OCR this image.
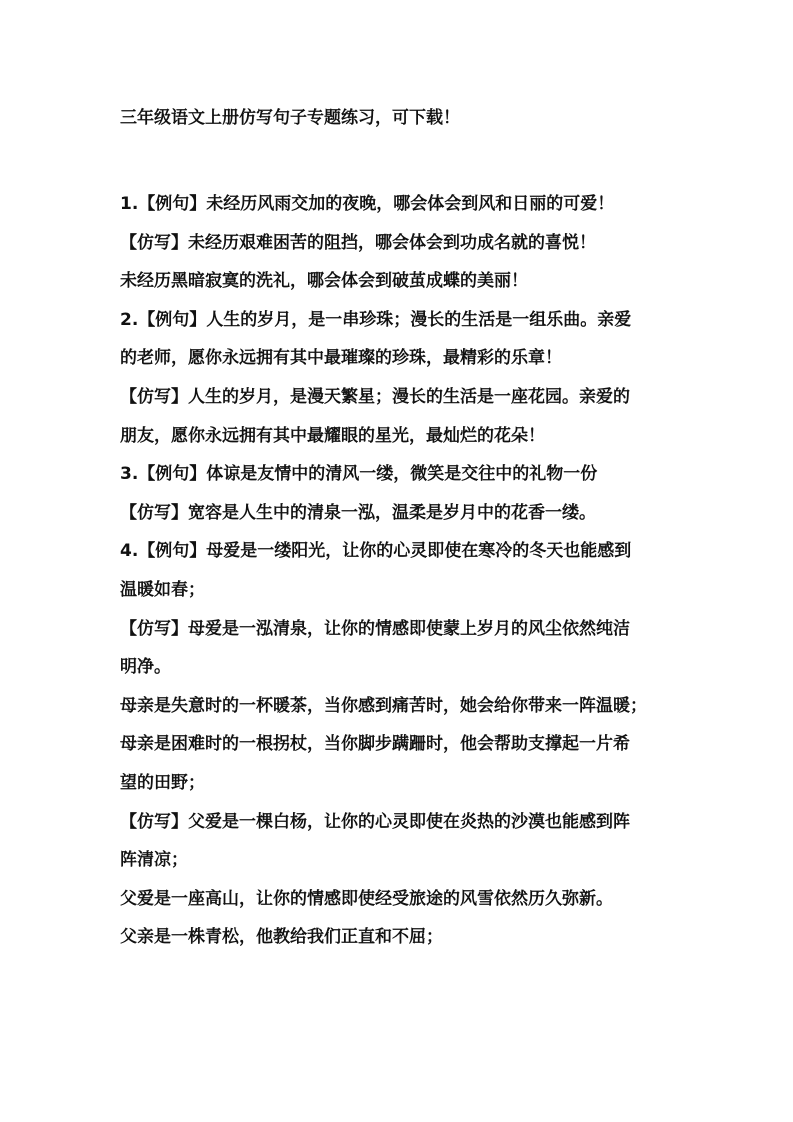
三年级语文上册仿写句子专题练习，可下载！

1.【例句】未经历风雨交加的夜晚，哪会体会到风和日丽的可爱！

【仿写】未经历艰难困苦的阻挡，哪会体会到功成名就的喜悦！

未经历黑暗寂寞的洗礼，哪会体会到破茧成蝶的美丽！

2.【例句】人生的岁月，是一串珍珠；漫长的生活是一组乐曲。亲爱

的老师，愿你永远拥有其中最璀璨的珍珠，最精彩的乐章！

【仿写】人生的岁月，是漫天繁星；漫长的生活是一座花园。亲爱的

朋友，愿你永远拥有其中最耀眼的星光，最灿烂的花朵！

3.【例句】体谅是友情中的清风一缕，微笑是交往中的礼物一份

【仿写】宽容是人生中的清泉一泓，温柔是岁月中的花香一缕。

4.【例句】母爱是一缕阳光，让你的心灵即使在寒冷的冬天也能感到

温暖如春；

【仿写】母爱是一泓清泉，让你的情感即使蒙上岁月的风尘依然纯洁

明净。

母亲是失意时的一杯暖茶，当你感到痛苦时，她会给你带来一阵温暖；

母亲是困难时的一根拐杖，当你脚步蹒跚时，他会帮助支撑起一片希

望的田野；

【仿写】父爱是一棵白杨，让你的心灵即使在炎热的沙漠也能感到阵

阵清凉；

父爱是一座高山，让你的情感即使经受旅途的风雪依然历久弥新。

父亲是一株青松，他教给我们正直和不屈；
